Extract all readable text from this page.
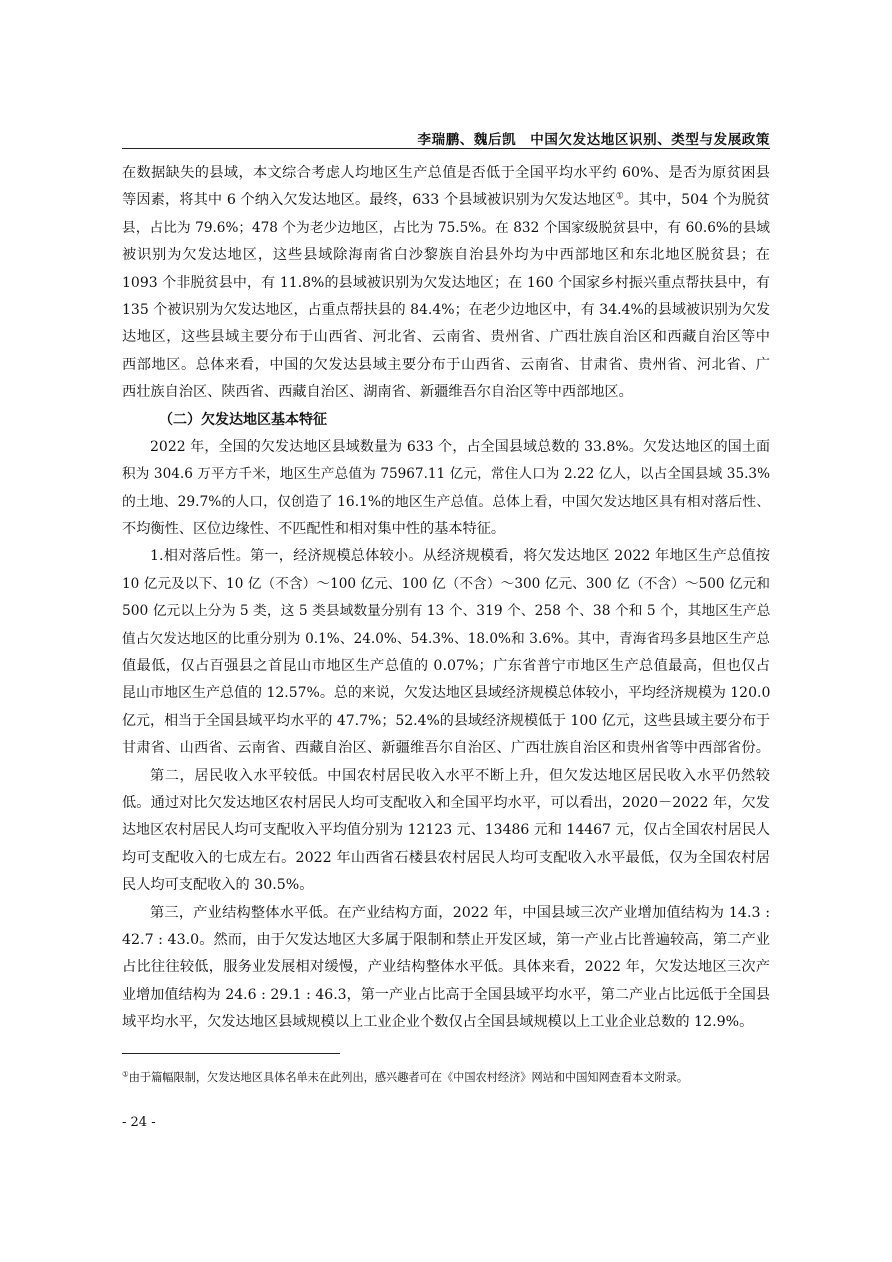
李瑞鹏、魏后凯　中国欠发达地区识别、类型与发展政策
在数据缺失的县域，本文综合考虑人均地区生产总值是否低于全国平均水平约 60%、是否为原贫困县
等因素，将其中 6 个纳入欠发达地区。最终，633 个县域被识别为欠发达地区①。其中，504 个为脱贫
县，占比为 79.6%；478 个为老少边地区，占比为 75.5%。在 832 个国家级脱贫县中，有 60.6%的县域
被识别为欠发达地区，这些县域除海南省白沙黎族自治县外均为中西部地区和东北地区脱贫县；在
1093 个非脱贫县中，有 11.8%的县域被识别为欠发达地区；在 160 个国家乡村振兴重点帮扶县中，有
135 个被识别为欠发达地区，占重点帮扶县的 84.4%；在老少边地区中，有 34.4%的县域被识别为欠发
达地区，这些县域主要分布于山西省、河北省、云南省、贵州省、广西壮族自治区和西藏自治区等中
西部地区。总体来看，中国的欠发达县域主要分布于山西省、云南省、甘肃省、贵州省、河北省、广
西壮族自治区、陕西省、西藏自治区、湖南省、新疆维吾尔自治区等中西部地区。
（二）欠发达地区基本特征
2022 年，全国的欠发达地区县域数量为 633 个，占全国县域总数的 33.8%。欠发达地区的国土面
积为 304.6 万平方千米，地区生产总值为 75967.11 亿元，常住人口为 2.22 亿人，以占全国县域 35.3%
的土地、29.7%的人口，仅创造了 16.1%的地区生产总值。总体上看，中国欠发达地区具有相对落后性、
不均衡性、区位边缘性、不匹配性和相对集中性的基本特征。
1.相对落后性。第一，经济规模总体较小。从经济规模看，将欠发达地区 2022 年地区生产总值按
10 亿元及以下、10 亿（不含）～100 亿元、100 亿（不含）～300 亿元、300 亿（不含）～500 亿元和
500 亿元以上分为 5 类，这 5 类县域数量分别有 13 个、319 个、258 个、38 个和 5 个，其地区生产总
值占欠发达地区的比重分别为 0.1%、24.0%、54.3%、18.0%和 3.6%。其中，青海省玛多县地区生产总
值最低，仅占百强县之首昆山市地区生产总值的 0.07%；广东省普宁市地区生产总值最高，但也仅占
昆山市地区生产总值的 12.57%。总的来说，欠发达地区县域经济规模总体较小，平均经济规模为 120.0
亿元，相当于全国县域平均水平的 47.7%；52.4%的县域经济规模低于 100 亿元，这些县域主要分布于
甘肃省、山西省、云南省、西藏自治区、新疆维吾尔自治区、广西壮族自治区和贵州省等中西部省份。
第二，居民收入水平较低。中国农村居民收入水平不断上升，但欠发达地区居民收入水平仍然较
低。通过对比欠发达地区农村居民人均可支配收入和全国平均水平，可以看出，2020－2022 年，欠发
达地区农村居民人均可支配收入平均值分别为 12123 元、13486 元和 14467 元，仅占全国农村居民人
均可支配收入的七成左右。2022 年山西省石楼县农村居民人均可支配收入水平最低，仅为全国农村居
民人均可支配收入的 30.5%。
第三，产业结构整体水平低。在产业结构方面，2022 年，中国县域三次产业增加值结构为 14.3 :
42.7 : 43.0。然而，由于欠发达地区大多属于限制和禁止开发区域，第一产业占比普遍较高，第二产业
占比往往较低，服务业发展相对缓慢，产业结构整体水平低。具体来看，2022 年，欠发达地区三次产
业增加值结构为 24.6 : 29.1 : 46.3，第一产业占比高于全国县域平均水平，第二产业占比远低于全国县
域平均水平，欠发达地区县域规模以上工业企业个数仅占全国县域规模以上工业企业总数的 12.9%。
①由于篇幅限制，欠发达地区具体名单未在此列出，感兴趣者可在《中国农村经济》网站和中国知网查看本文附录。
- 24 -
